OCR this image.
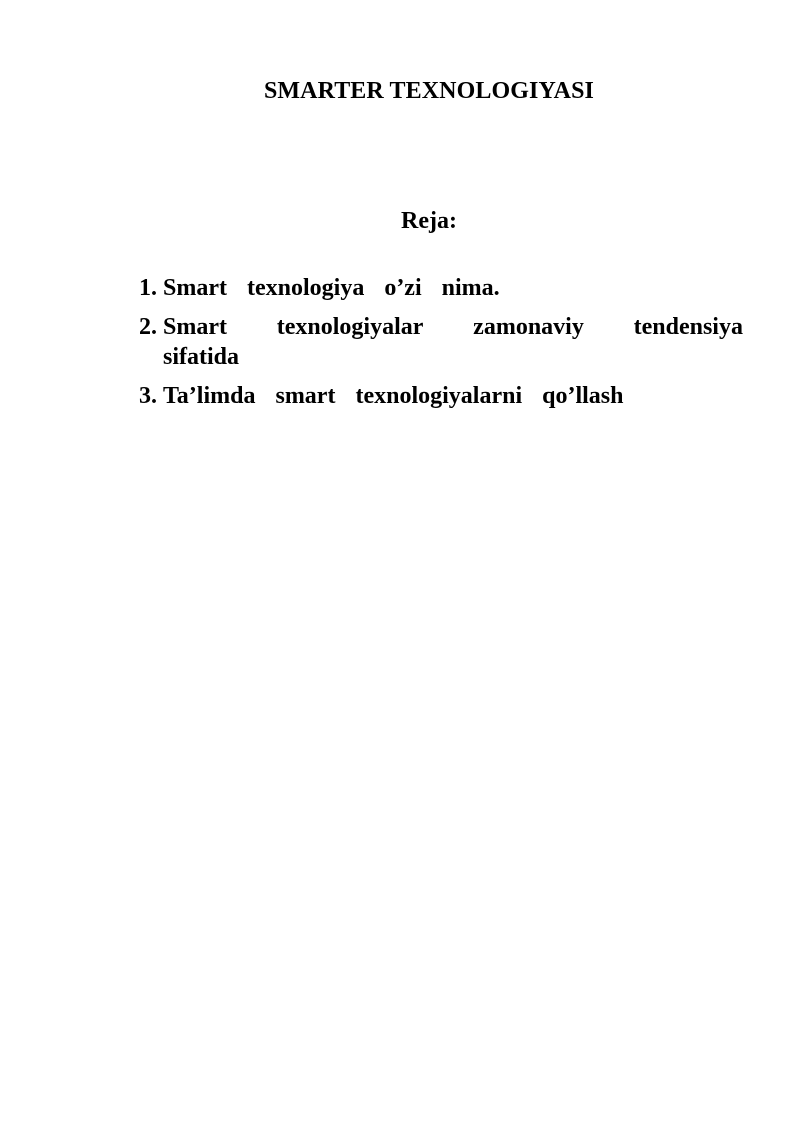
SMARTER TEXNOLOGIYASI
Reja:
1. Smart  texnologiya  o’zi  nima.
2. Smart texnologiyalar zamonaviy tendensiya
sifatida
3. Ta’limda  smart  texnologiyalarni  qo’llash
